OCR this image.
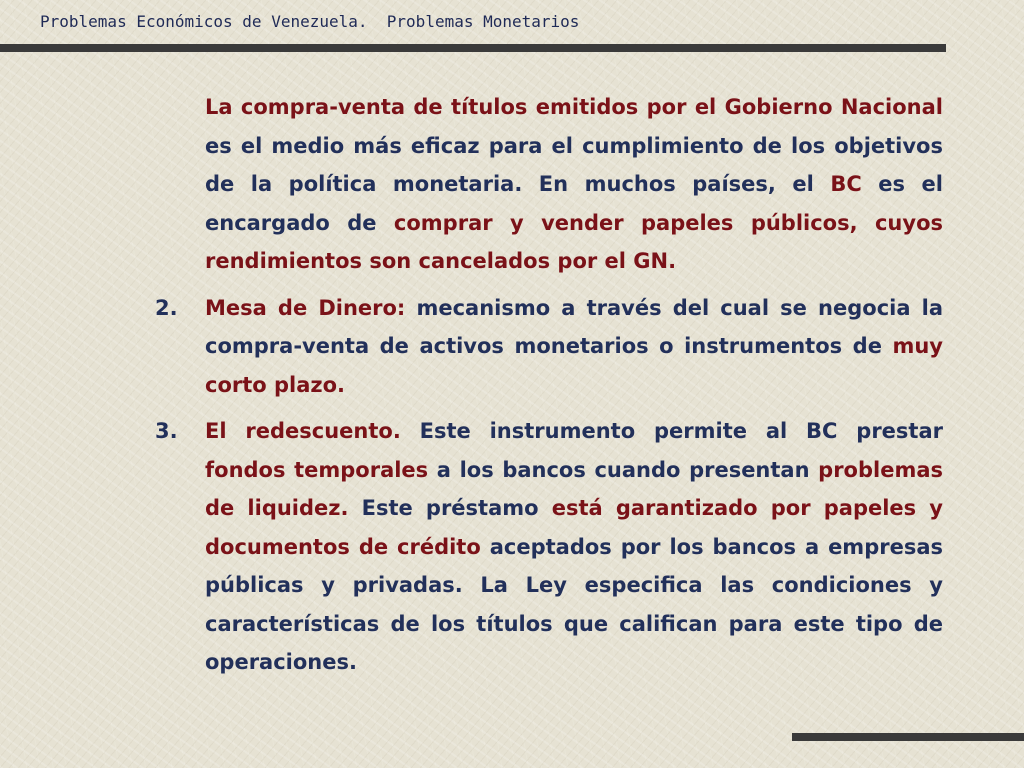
Problemas Económicos de Venezuela.  Problemas Monetarios
La compra-venta de títulos emitidos por el Gobierno Nacional es el medio más eficaz para el cumplimiento de los objetivos de la política monetaria. En muchos países, el BC es el encargado de comprar y vender papeles públicos, cuyos rendimientos son cancelados por el GN.
2.	Mesa de Dinero: mecanismo a través del cual se negocia la compra-venta de activos monetarios o instrumentos de muy corto plazo.
3.	El redescuento. Este instrumento permite al BC prestar fondos temporales a los bancos cuando presentan problemas de liquidez. Este préstamo está garantizado por papeles y documentos de crédito aceptados por los bancos a empresas públicas y privadas. La Ley especifica las condiciones y características de los títulos que califican para este tipo de operaciones.
